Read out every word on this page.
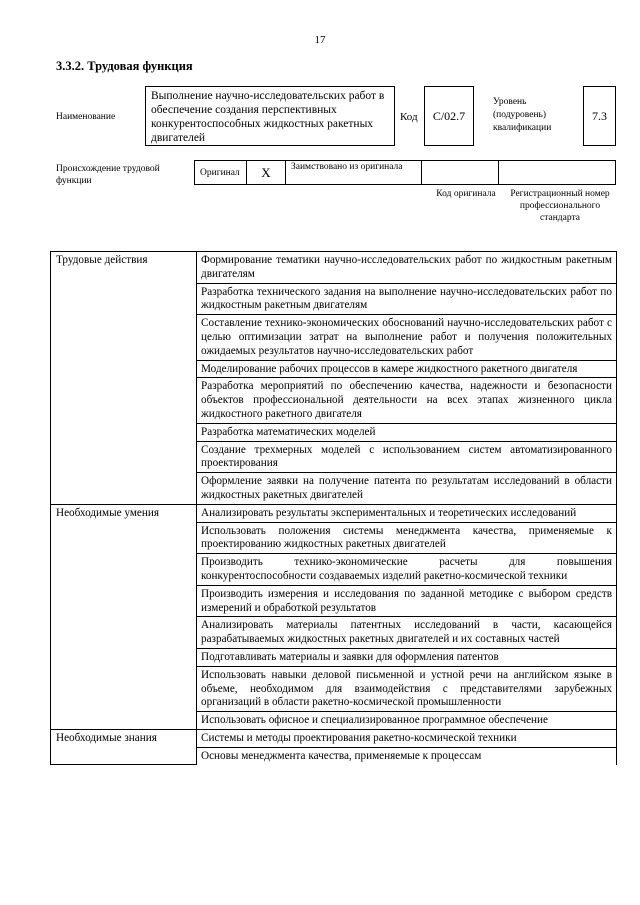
17
3.3.2. Трудовая функция
Наименование
Выполнение научно-исследовательских работ в обеспечение создания перспективных конкурентоспособных жидкостных ракетных двигателей
Код	С/02.7
Уровень (подуровень) квалификации
7.3
Происхождение трудовой функции
Оригинал	X	Заимствовано из оригинала
Код оригинала	Регистрационный номер профессионального стандарта
Трудовые действия	Формирование тематики научно-исследовательских работ по жидкостным ракетным двигателям
	Разработка технического задания на выполнение научно-исследовательских работ по жидкостным ракетным двигателям
	Составление технико-экономических обоснований научно-исследовательских работ с целью оптимизации затрат на выполнение работ и получения положительных ожидаемых результатов научно-исследовательских работ
	Моделирование рабочих процессов в камере жидкостного ракетного двигателя
	Разработка мероприятий по обеспечению качества, надежности и безопасности объектов профессиональной деятельности на всех этапах жизненного цикла жидкостного ракетного двигателя
	Разработка математических моделей
	Создание трехмерных моделей с использованием систем автоматизированного проектирования
	Оформление заявки на получение патента по результатам исследований в области жидкостных ракетных двигателей
Необходимые умения	Анализировать результаты экспериментальных и теоретических исследований
	Использовать положения системы менеджмента качества, применяемые к проектированию жидкостных ракетных двигателей
	Производить технико-экономические расчеты для повышения конкурентоспособности создаваемых изделий ракетно-космической техники
	Производить измерения и исследования по заданной методике с выбором средств измерений и обработкой результатов
	Анализировать материалы патентных исследований в части, касающейся разрабатываемых жидкостных ракетных двигателей и их составных частей
	Подготавливать материалы и заявки для оформления патентов
	Использовать навыки деловой письменной и устной речи на английском языке в объеме, необходимом для взаимодействия с представителями зарубежных организаций в области ракетно-космической промышленности
	Использовать офисное и специализированное программное обеспечение
Необходимые знания	Системы и методы проектирования ракетно-космической техники
	Основы менеджмента качества, применяемые к процессам
